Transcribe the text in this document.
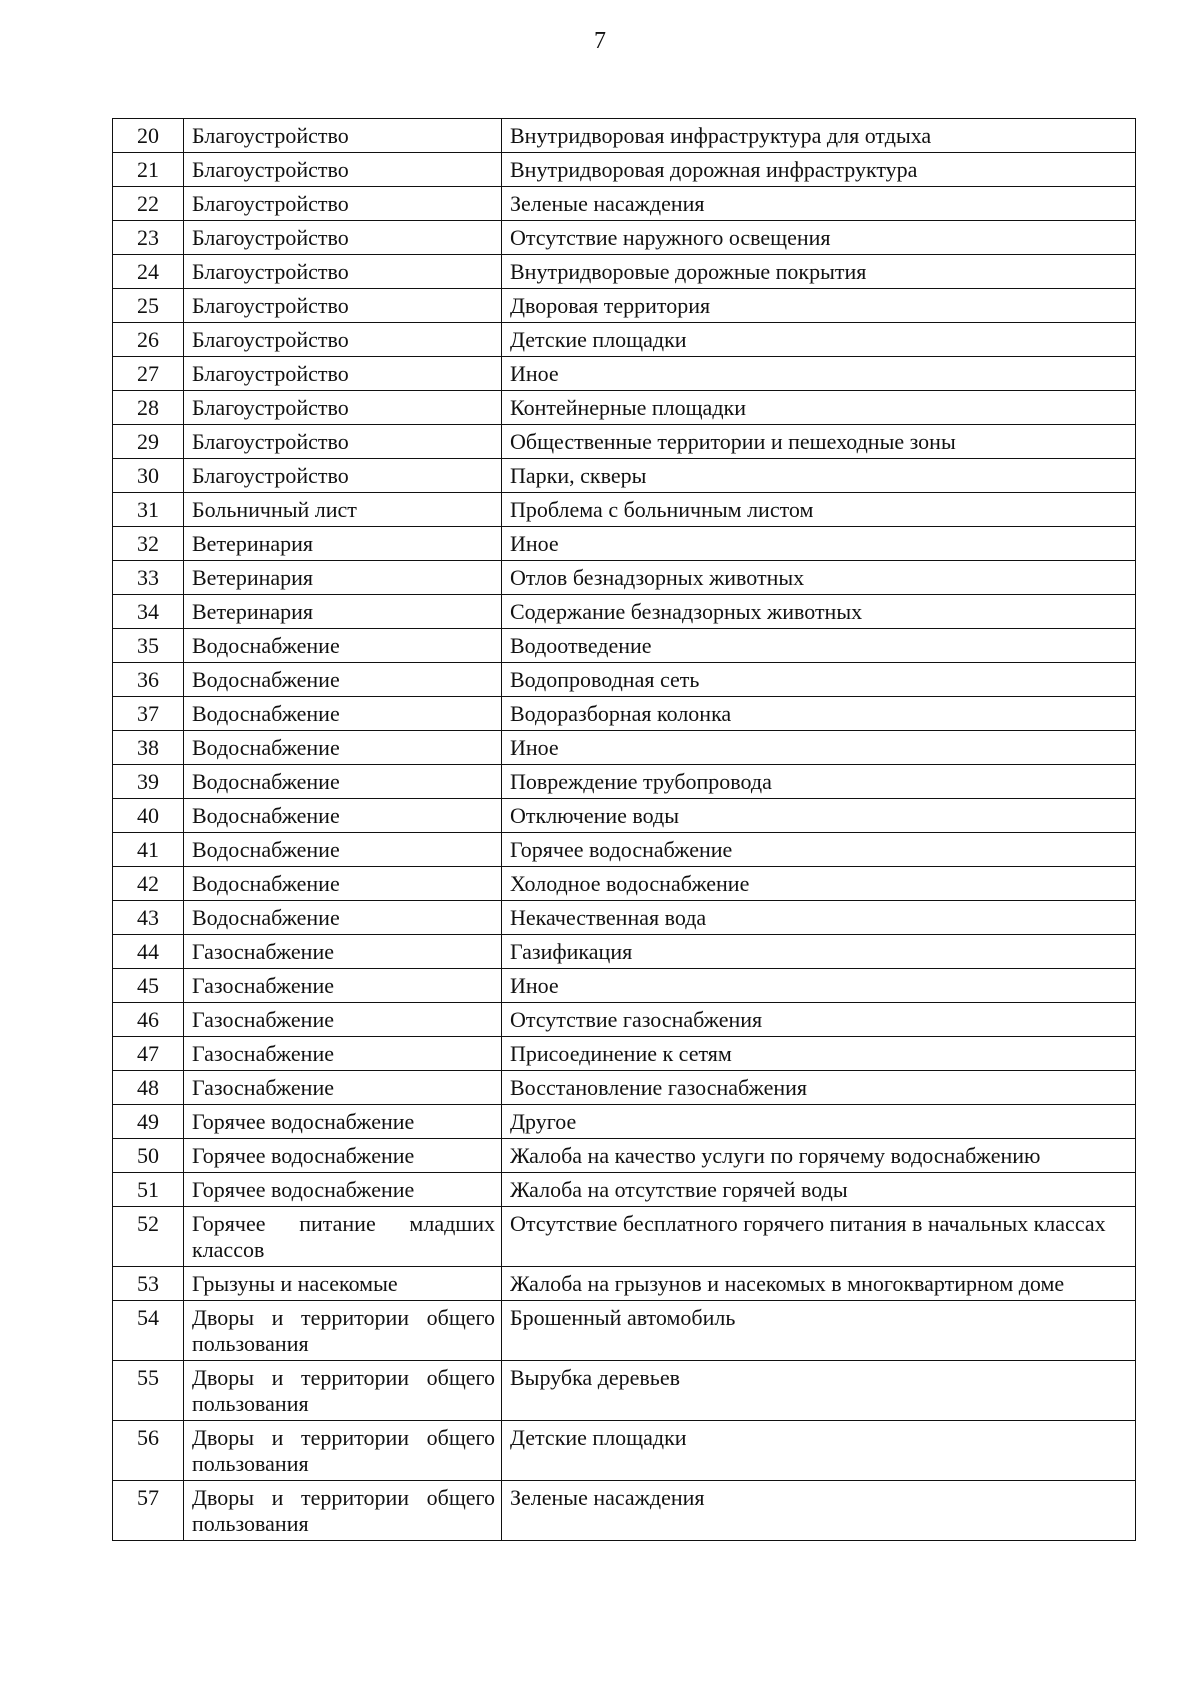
7
20	Благоустройство	Внутридворовая инфраструктура для отдыха
21	Благоустройство	Внутридворовая дорожная инфраструктура
22	Благоустройство	Зеленые насаждения
23	Благоустройство	Отсутствие наружного освещения
24	Благоустройство	Внутридворовые дорожные покрытия
25	Благоустройство	Дворовая территория
26	Благоустройство	Детские площадки
27	Благоустройство	Иное
28	Благоустройство	Контейнерные площадки
29	Благоустройство	Общественные территории и пешеходные зоны
30	Благоустройство	Парки, скверы
31	Больничный лист	Проблема с больничным листом
32	Ветеринария	Иное
33	Ветеринария	Отлов безнадзорных животных
34	Ветеринария	Содержание безнадзорных животных
35	Водоснабжение	Водоотведение
36	Водоснабжение	Водопроводная сеть
37	Водоснабжение	Водоразборная колонка
38	Водоснабжение	Иное
39	Водоснабжение	Повреждение трубопровода
40	Водоснабжение	Отключение воды
41	Водоснабжение	Горячее водоснабжение
42	Водоснабжение	Холодное водоснабжение
43	Водоснабжение	Некачественная вода
44	Газоснабжение	Газификация
45	Газоснабжение	Иное
46	Газоснабжение	Отсутствие газоснабжения
47	Газоснабжение	Присоединение к сетям
48	Газоснабжение	Восстановление газоснабжения
49	Горячее водоснабжение	Другое
50	Горячее водоснабжение	Жалоба на качество услуги по горячему водоснабжению
51	Горячее водоснабжение	Жалоба на отсутствие горячей воды
52	Горячее питание младших классов	Отсутствие бесплатного горячего питания в начальных классах
53	Грызуны и насекомые	Жалоба на грызунов и насекомых в многоквартирном доме
54	Дворы и территории общего пользования	Брошенный автомобиль
55	Дворы и территории общего пользования	Вырубка деревьев
56	Дворы и территории общего пользования	Детские площадки
57	Дворы и территории общего пользования	Зеленые насаждения
